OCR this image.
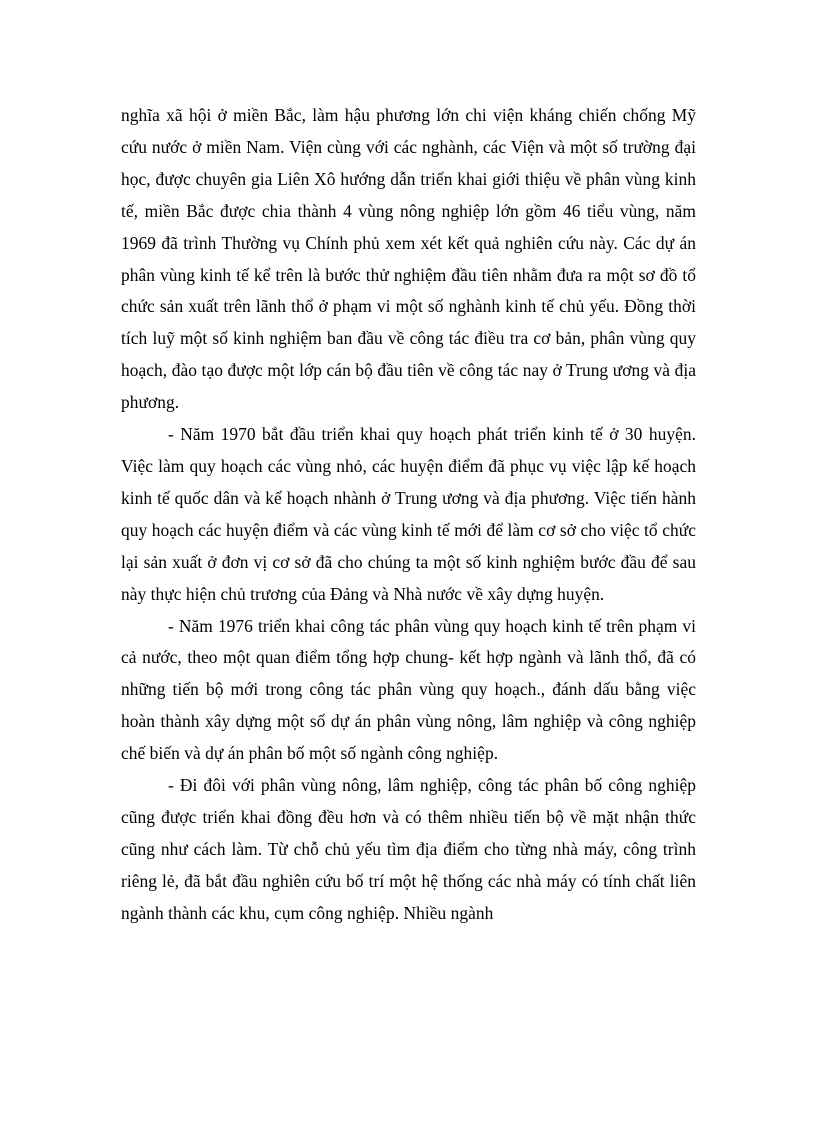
nghĩa xã hội ở miền Bắc, làm hậu phương lớn chi viện kháng chiến chống Mỹ cứu nước ở miền Nam. Viện cùng với các nghành, các Viện và một số trường đại học, được chuyên gia Liên Xô hướng dẫn triển khai giới thiệu về phân vùng kinh tế, miền Bắc được chia thành 4 vùng nông nghiệp lớn gồm 46 tiểu vùng, năm 1969 đã trình Thường vụ Chính phủ xem xét kết quả nghiên cứu này. Các dự án phân vùng kinh tế kể trên là bước thử nghiệm đầu tiên nhằm đưa ra một sơ đồ tổ chức sản xuất trên lãnh thổ ở phạm vi một số nghành kinh tế chủ yếu. Đồng thời tích luỹ một số kinh nghiệm ban đầu về công tác điều tra cơ bản, phân vùng quy hoạch, đào tạo được một lớp cán bộ đầu tiên về công tác nay ở Trung ương và địa phương.

- Năm 1970 bắt đầu triển khai quy hoạch phát triển kinh tế ở 30 huyện. Việc làm quy hoạch các vùng nhỏ, các huyện điểm đã phục vụ việc lập kế hoạch kinh tế quốc dân và kế hoạch nhành ở Trung ương và địa phương. Việc tiến hành quy hoạch các huyện điểm và các vùng kinh tế mới để làm cơ sở cho việc tổ chức lại sản xuất ở đơn vị cơ sở đã cho chúng ta một số kinh nghiệm bước đầu để sau này thực hiện chủ trương của Đảng và Nhà nước về xây dựng huyện.

- Năm 1976 triển khai công tác phân vùng quy hoạch kinh tế trên phạm vi cả nước, theo một quan điểm tổng hợp chung- kết hợp ngành và lãnh thổ, đã có những tiến bộ mới trong công tác phân vùng quy hoạch., đánh dấu bằng việc hoàn thành xây dựng một số dự án phân vùng nông, lâm nghiệp và công nghiệp chế biến và dự án phân bố một số ngành công nghiệp.

- Đi đôi với phân vùng nông, lâm nghiệp, công tác phân bố công nghiệp cũng được triển khai đồng đều hơn và có thêm nhiều tiến bộ về mặt nhận thức cũng như cách làm. Từ chỗ chủ yếu tìm địa điểm cho từng nhà máy, công trình riêng lẻ, đã bắt đầu nghiên cứu bố trí một hệ thống các nhà máy có tính chất liên ngành thành các khu, cụm công nghiệp. Nhiều ngành
